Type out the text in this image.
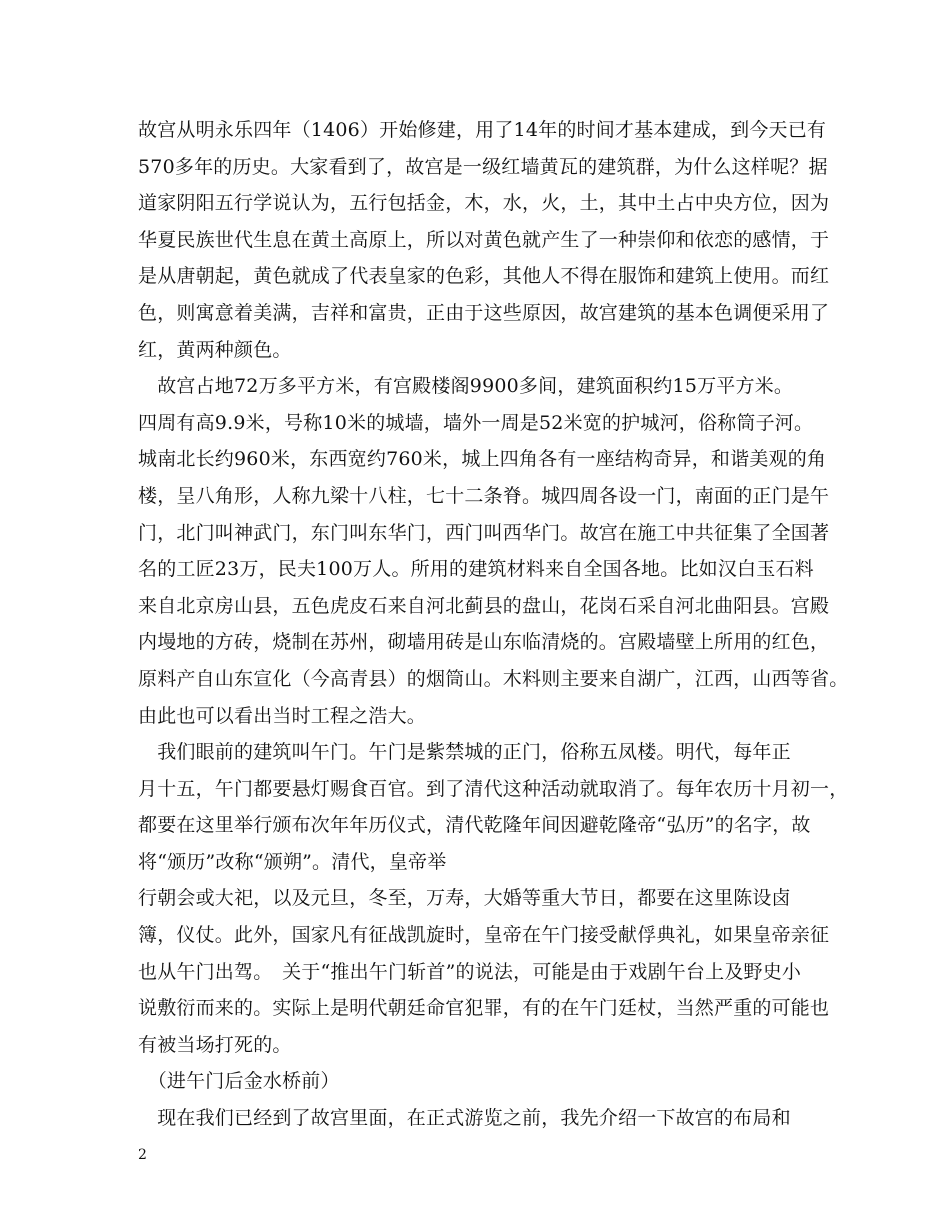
故宫从明永乐四年（1406）开始修建，用了14年的时间才基本建成，到今天已有
570多年的历史。大家看到了，故宫是一级红墙黄瓦的建筑群，为什么这样呢？据
道家阴阳五行学说认为，五行包括金，木，水，火，土，其中土占中央方位，因为
华夏民族世代生息在黄土高原上，所以对黄色就产生了一种崇仰和依恋的感情，于
是从唐朝起，黄色就成了代表皇家的色彩，其他人不得在服饰和建筑上使用。而红
色，则寓意着美满，吉祥和富贵，正由于这些原因，故宫建筑的基本色调便采用了
红，黄两种颜色。
　故宫占地72万多平方米，有宫殿楼阁9900多间，建筑面积约15万平方米。
四周有高9.9米，号称10米的城墙，墙外一周是52米宽的护城河，俗称筒子河。
城南北长约960米，东西宽约760米，城上四角各有一座结构奇异，和谐美观的角
楼，呈八角形，人称九梁十八柱，七十二条脊。城四周各设一门，南面的正门是午
门，北门叫神武门，东门叫东华门，西门叫西华门。故宫在施工中共征集了全国著
名的工匠23万，民夫100万人。所用的建筑材料来自全国各地。比如汉白玉石料
来自北京房山县，五色虎皮石来自河北蓟县的盘山，花岗石采自河北曲阳县。宫殿
内墁地的方砖，烧制在苏州，砌墙用砖是山东临清烧的。宫殿墙壁上所用的红色，
原料产自山东宣化（今高青县）的烟筒山。木料则主要来自湖广，江西，山西等省。
由此也可以看出当时工程之浩大。
　我们眼前的建筑叫午门。午门是紫禁城的正门，俗称五凤楼。明代，每年正
月十五，午门都要悬灯赐食百官。到了清代这种活动就取消了。每年农历十月初一，
都要在这里举行颁布次年年历仪式，清代乾隆年间因避乾隆帝“弘历”的名字，故
将“颁历”改称“颁朔”。清代，皇帝举
行朝会或大祀，以及元旦，冬至，万寿，大婚等重大节日，都要在这里陈设卤
簿，仪仗。此外，国家凡有征战凯旋时，皇帝在午门接受献俘典礼，如果皇帝亲征
也从午门出驾。　关于“推出午门斩首”的说法，可能是由于戏剧午台上及野史小
说敷衍而来的。实际上是明代朝廷命官犯罪，有的在午门廷杖，当然严重的可能也
有被当场打死的。
　（进午门后金水桥前）
　现在我们已经到了故宫里面，在正式游览之前，我先介绍一下故宫的布局和
2
